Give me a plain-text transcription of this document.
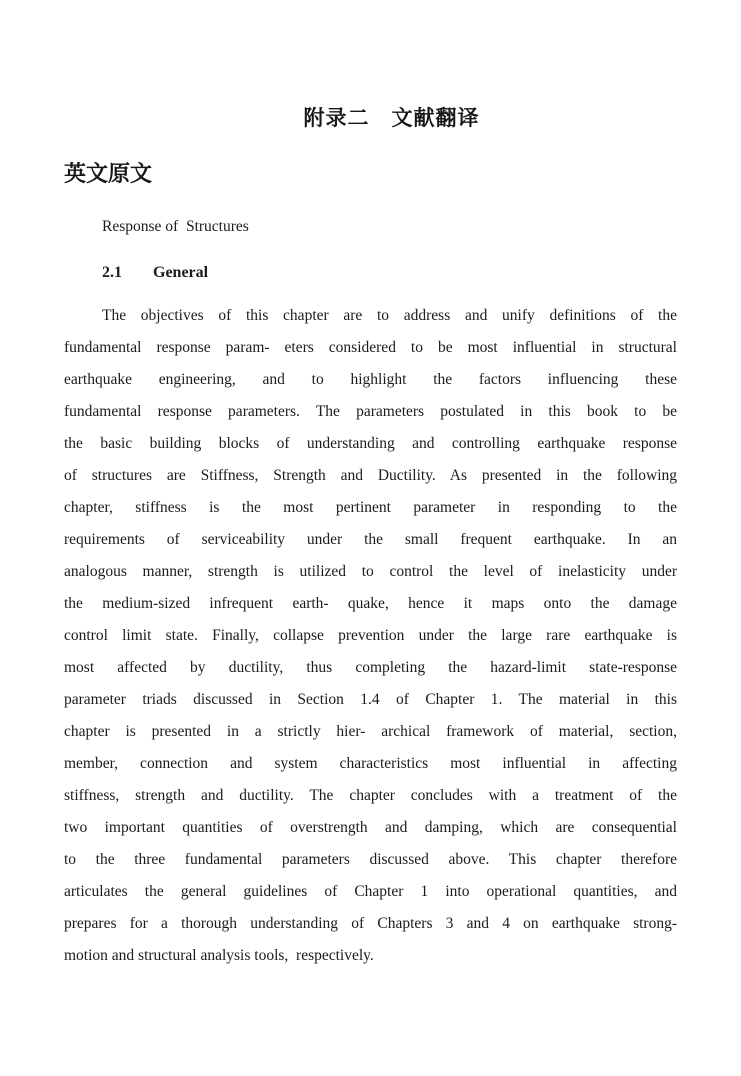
附录二　文献翻译
英文原文
Response of  Structures
2.1 General
The objectives of this chapter are to address and unify definitions of the
fundamental response param- eters considered to be most influential in structural
earthquake engineering, and to highlight the factors influencing these
fundamental response parameters. The parameters postulated in this book to be
the basic building blocks of understanding and controlling earthquake response
of structures are Stiffness, Strength and Ductility. As presented in the following
chapter, stiffness is the most pertinent parameter in responding to the
requirements of serviceability under the small frequent earthquake. In an
analogous manner, strength is utilized to control the level of inelasticity under
the medium-sized infrequent earth- quake, hence it maps onto the damage
control limit state. Finally, collapse prevention under the large rare earthquake is
most affected by ductility, thus completing the hazard-limit state-response
parameter triads discussed in Section 1.4 of Chapter 1. The material in this
chapter is presented in a strictly hier- archical framework of material, section,
member, connection and system characteristics most influential in affecting
stiffness, strength and ductility. The chapter concludes with a treatment of the
two important quantities of overstrength and damping, which are consequential
to the three fundamental parameters discussed above. This chapter therefore
articulates the general guidelines of Chapter 1 into operational quantities, and
prepares for a thorough understanding of Chapters 3 and 4 on earthquake strong-
motion and structural analysis tools,  respectively.
